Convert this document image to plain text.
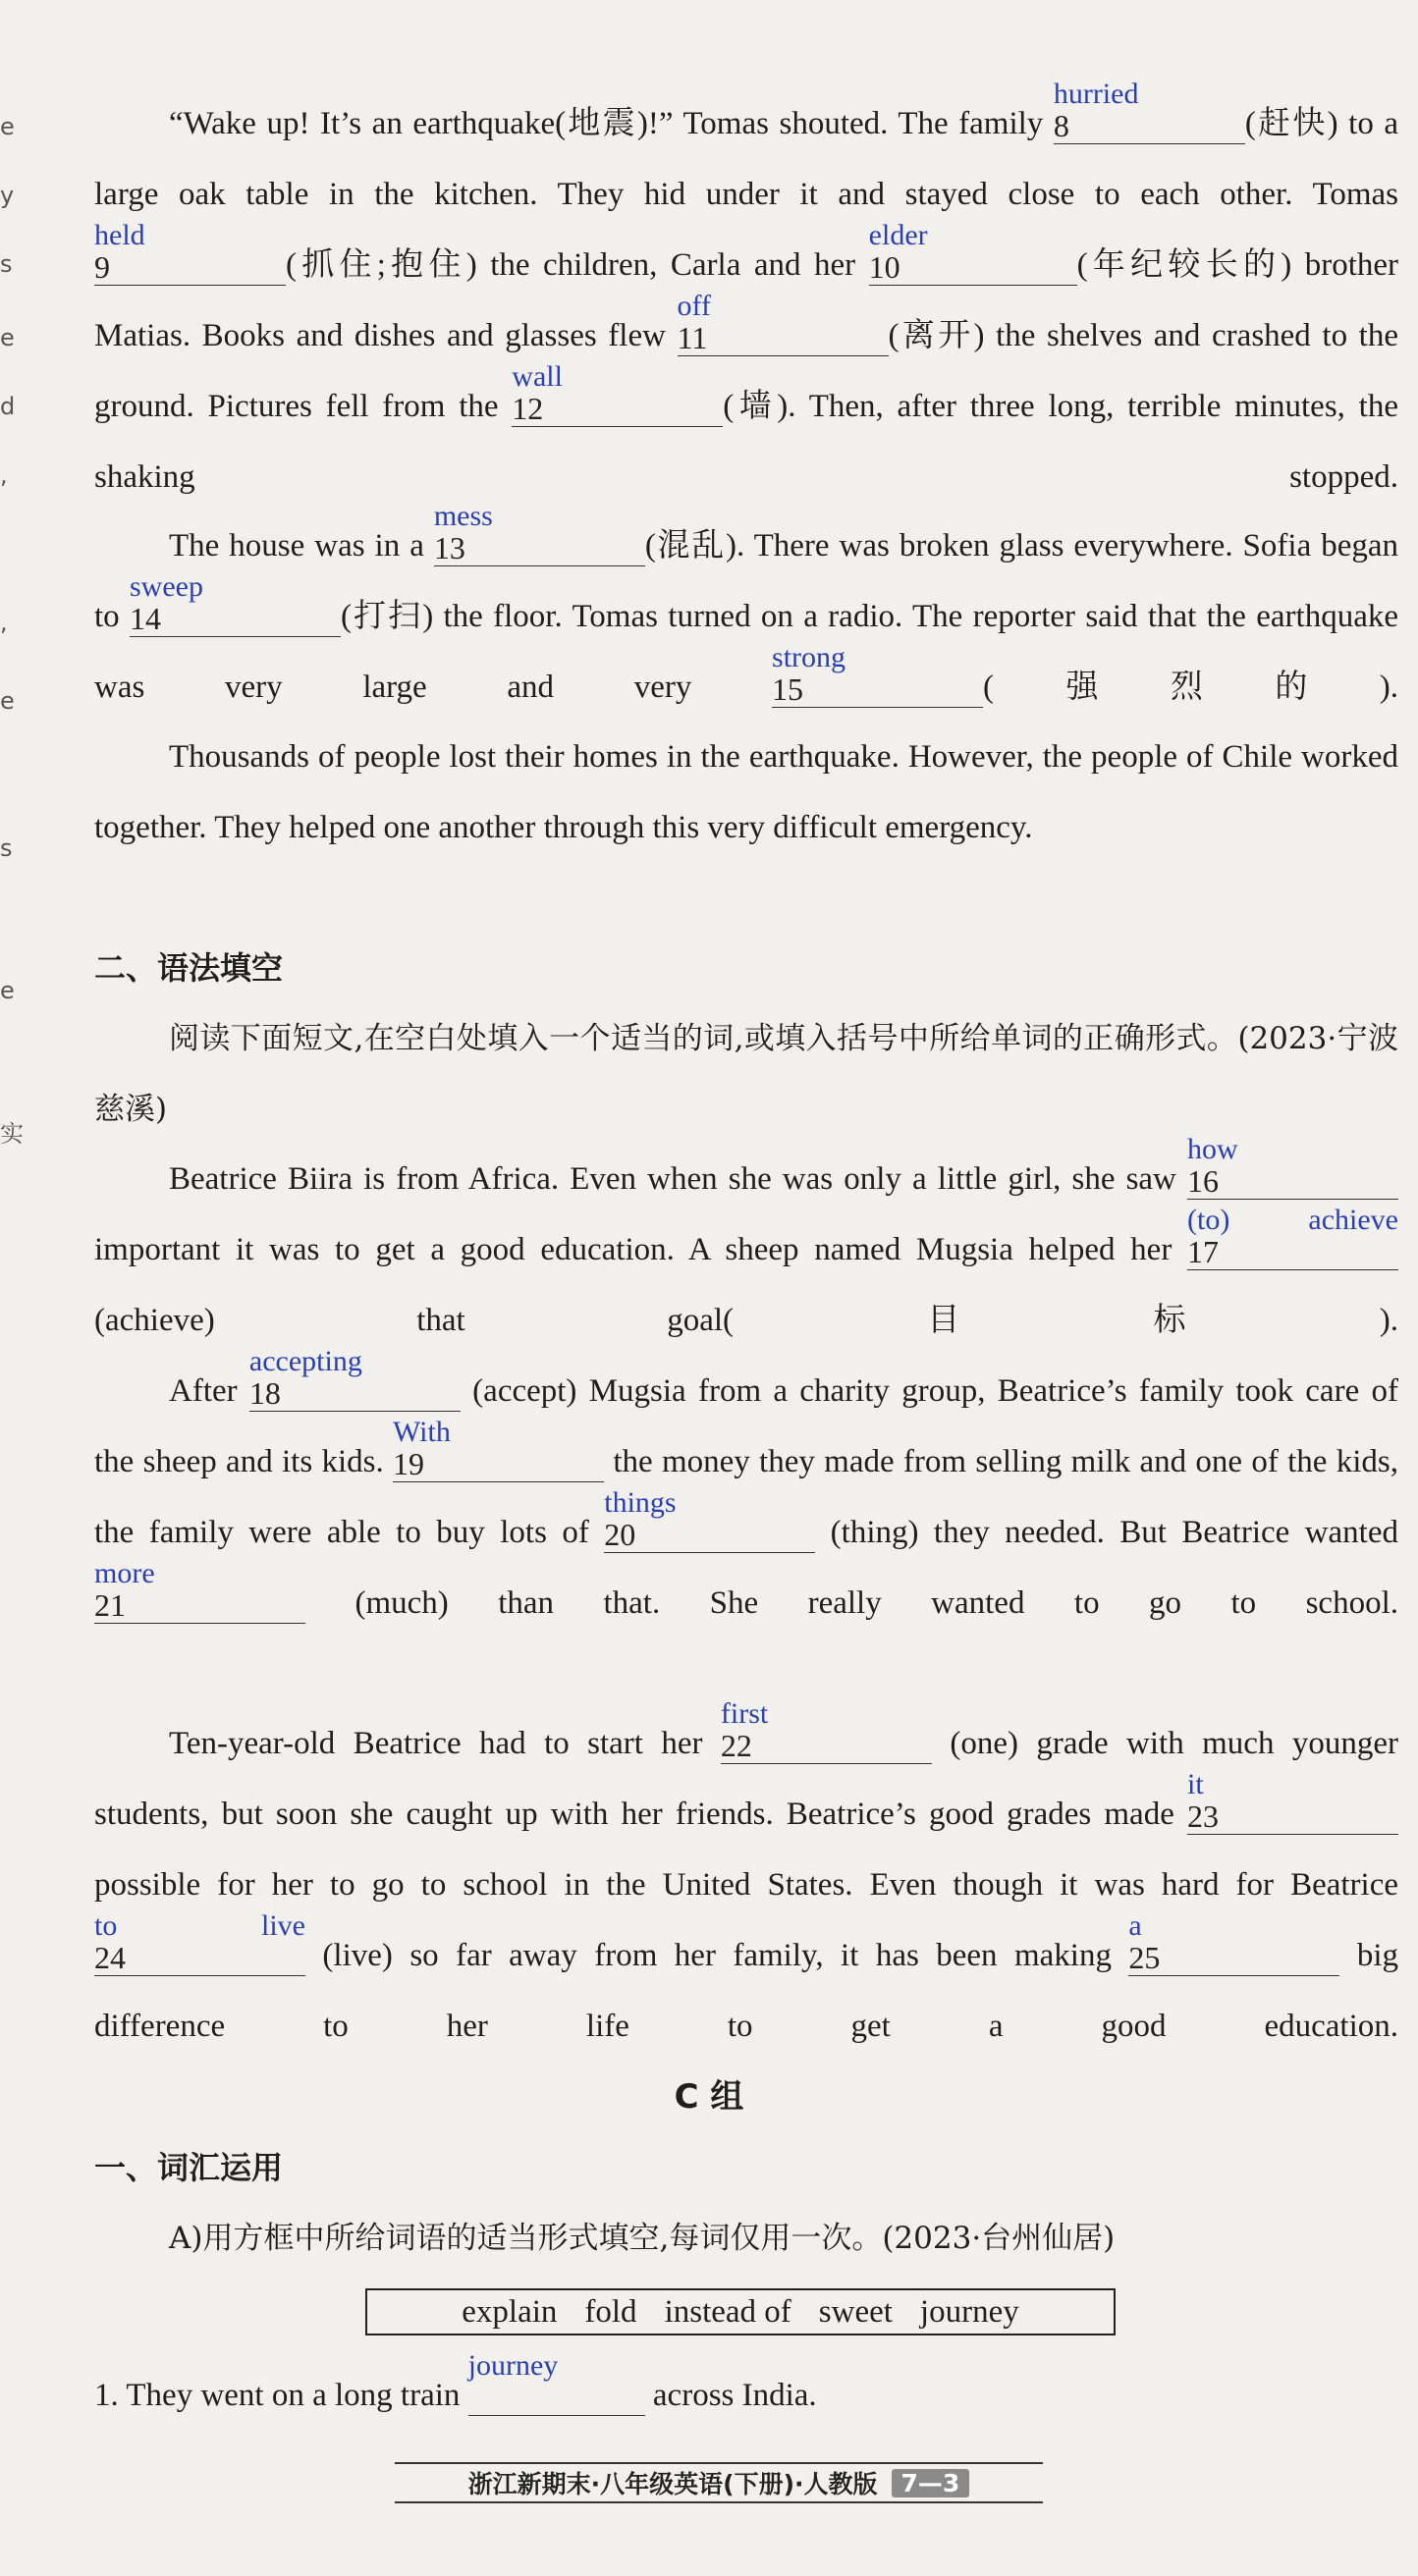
e
y
s
e
d
,
,
e
s
e
实
“Wake up! It’s an earthquake(地震)!” Tomas shouted. The family 8
hurried
(赶快) to a large oak table in the kitchen. They hid under it and stayed close to each other. Tomas
9
held
(抓住;抱住) the children, Carla and her 10
elder
(年纪较长的) brother Matias. Books and dishes and glasses flew 11
off
(离开) the shelves and crashed to the ground. Pictures fell from the 12
wall
(墙). Then, after three long, terrible minutes, the shaking stopped.
The house was in a 13
mess
(混乱). There was broken glass everywhere. Sofia began to 14
sweep
(打扫) the floor. Tomas turned on a radio. The reporter said that the earthquake was very large and very 15
strong
(强烈的).
Thousands of people lost their homes in the earthquake. However, the people of Chile worked together. They helped one another through this very difficult emergency.
二、语法填空
阅读下面短文,在空白处填入一个适当的词,或填入括号中所给单词的正确形式。(2023·宁波慈溪)
Beatrice Biira is from Africa. Even when she was only a little girl, she saw 16
how
important it was to get a good education. A sheep named Mugsia helped her 17
(to) achieve
(achieve) that goal(目标).
After 18
accepting
(accept) Mugsia from a charity group, Beatrice’s family took care of the sheep and its kids. 19
With
the money they made from selling milk and one of the kids, the family were able to buy lots of 20
things
(thing) they needed. But Beatrice wanted
21
more
(much) than that. She really wanted to go to school.
Ten-year-old Beatrice had to start her 22
first
(one) grade with much younger students, but soon she caught up with her friends. Beatrice’s good grades made 23
it
possible for her to go to school in the United States. Even though it was hard for Beatrice
24
to live
(live) so far away from her family, it has been making 25
a
big difference to her life to get a good education.
C 组
一、词汇运用
A)用方框中所给词语的适当形式填空,每词仅用一次。(2023·台州仙居)
explain fold instead of sweet journey
1. They went on a long train
journey
across India.
浙江新期末·八年级英语(下册)·人教版 7—3
